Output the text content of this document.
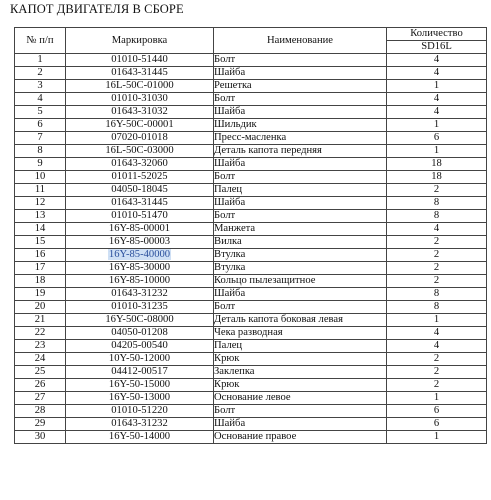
КАПОТ ДВИГАТЕЛЯ В СБОРЕ
№ п/п	Маркировка	Наименование	Количество
			SD16L
1	01010-51440	Болт	4
2	01643-31445	Шайба	4
3	16L-50C-01000	Решетка	1
4	01010-31030	Болт	4
5	01643-31032	Шайба	4
6	16Y-50C-00001	Шильдик	1
7	07020-01018	Пресс-масленка	6
8	16L-50C-03000	Деталь капота передняя	1
9	01643-32060	Шайба	18
10	01011-52025	Болт	18
11	04050-18045	Палец	2
12	01643-31445	Шайба	8
13	01010-51470	Болт	8
14	16Y-85-00001	Манжета	4
15	16Y-85-00003	Вилка	2
16	16Y-85-40000	Втулка	2
17	16Y-85-30000	Втулка	2
18	16Y-85-10000	Кольцо пылезащитное	2
19	01643-31232	Шайба	8
20	01010-31235	Болт	8
21	16Y-50C-08000	Деталь капота боковая левая	1
22	04050-01208	Чека разводная	4
23	04205-00540	Палец	4
24	10Y-50-12000	Крюк	2
25	04412-00517	Заклепка	2
26	16Y-50-15000	Крюк	2
27	16Y-50-13000	Основание левое	1
28	01010-51220	Болт	6
29	01643-31232	Шайба	6
30	16Y-50-14000	Основание правое	1
